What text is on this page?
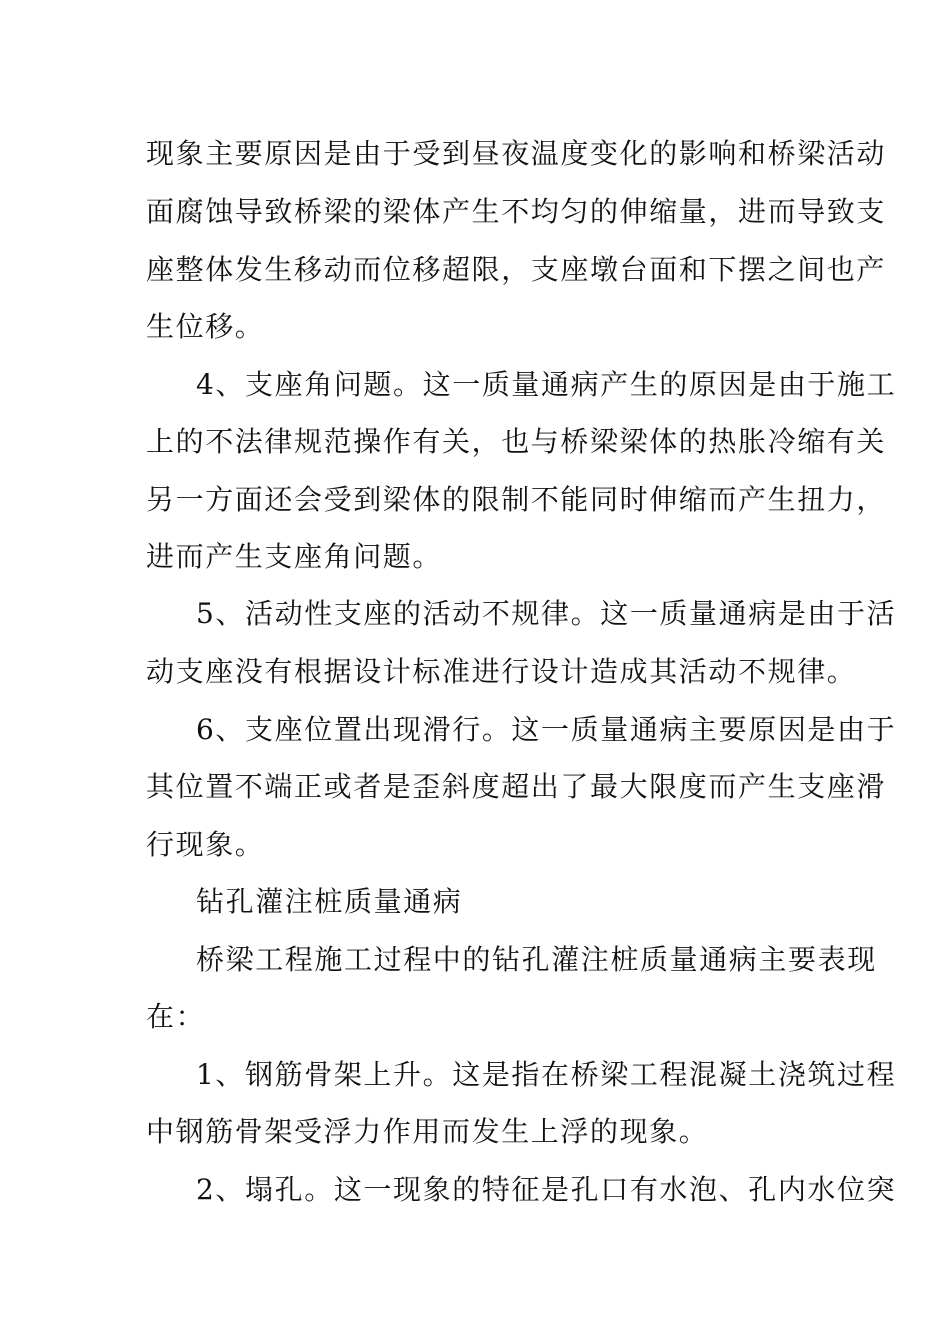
现象主要原因是由于受到昼夜温度变化的影响和桥梁活动
面腐蚀导致桥梁的梁体产生不均匀的伸缩量，进而导致支
座整体发生移动而位移超限，支座墩台面和下摆之间也产
生位移。
4、支座角问题。这一质量通病产生的原因是由于施工
上的不法律规范操作有关，也与桥梁梁体的热胀冷缩有关
另一方面还会受到梁体的限制不能同时伸缩而产生扭力，
进而产生支座角问题。
5、活动性支座的活动不规律。这一质量通病是由于活
动支座没有根据设计标准进行设计造成其活动不规律。
6、支座位置出现滑行。这一质量通病主要原因是由于
其位置不端正或者是歪斜度超出了最大限度而产生支座滑
行现象。
钻孔灌注桩质量通病
桥梁工程施工过程中的钻孔灌注桩质量通病主要表现
在：
1、钢筋骨架上升。这是指在桥梁工程混凝土浇筑过程
中钢筋骨架受浮力作用而发生上浮的现象。
2、塌孔。这一现象的特征是孔口有水泡、孔内水位突
